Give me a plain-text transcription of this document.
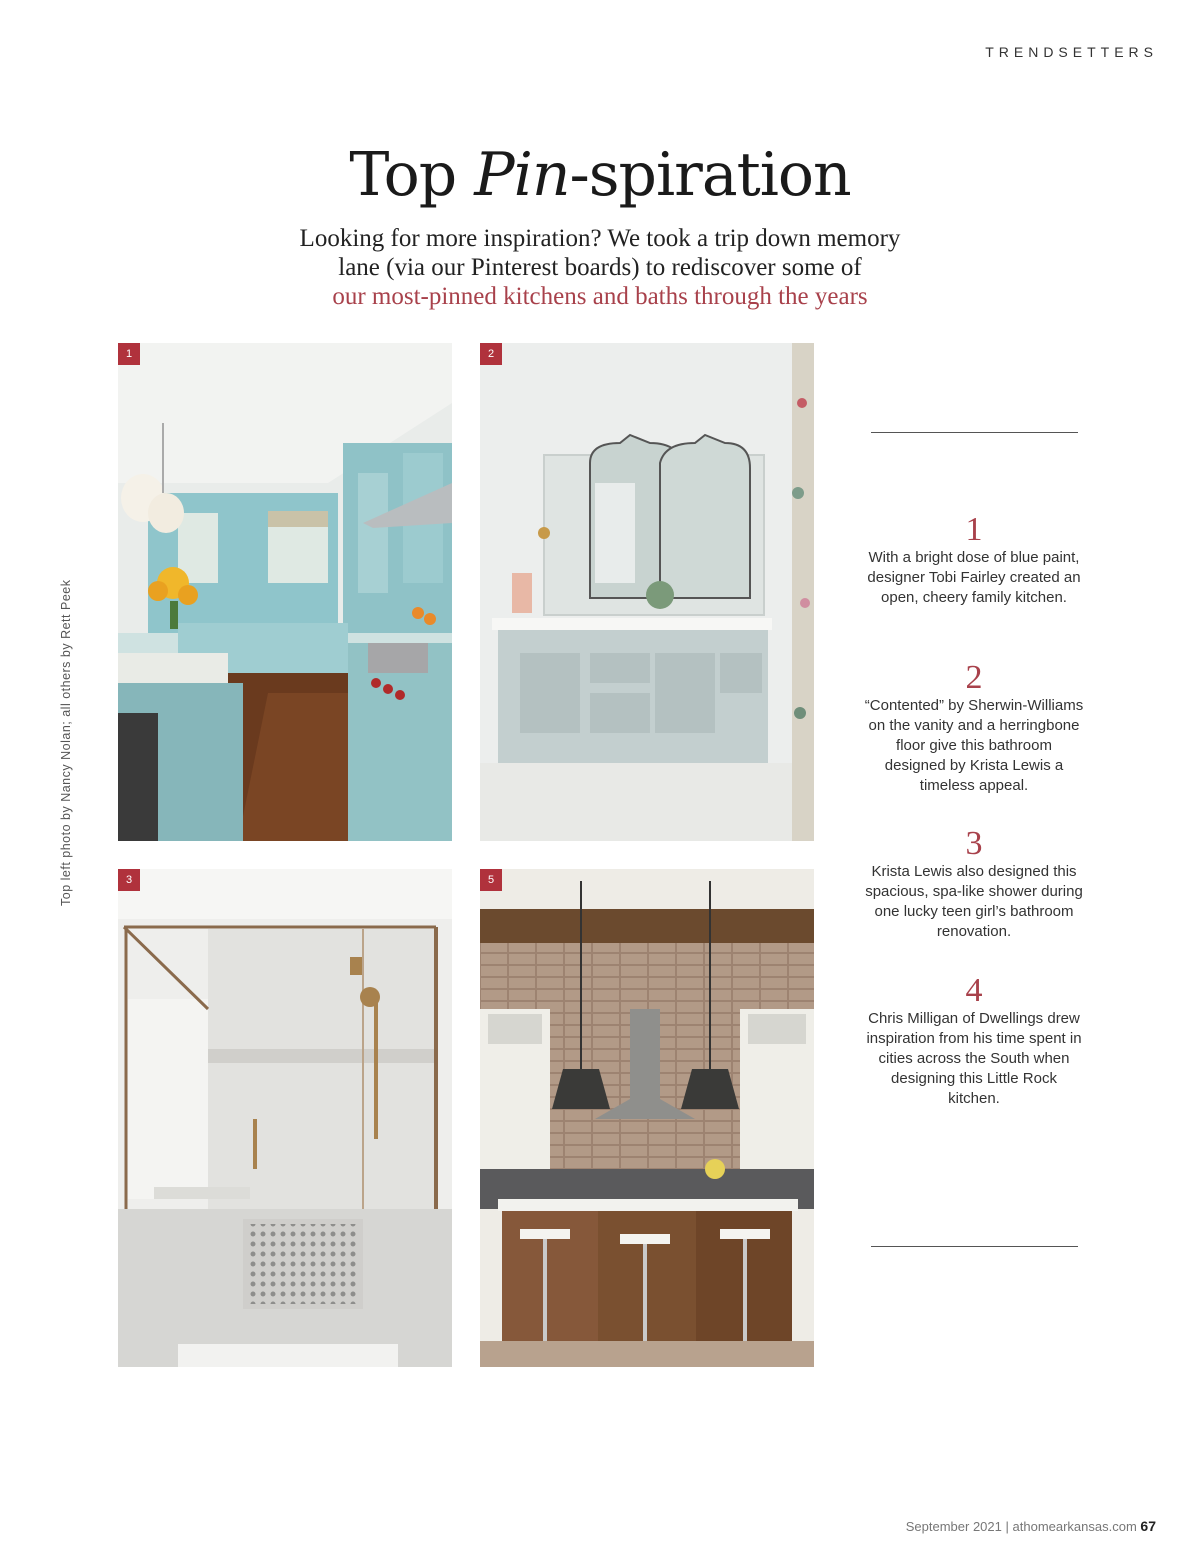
TRENDSETTERS
Top Pin-spiration
Looking for more inspiration? We took a trip down memory
lane (via our Pinterest boards) to rediscover some of
our most-pinned kitchens and baths through the years
Top left photo by Nancy Nolan; all others by Rett Peek
1	2
3	5
1
With a bright dose of blue paint, designer Tobi Fairley created an open, cheery family kitchen.
2
“Contented” by Sherwin-Williams on the vanity and a herringbone floor give this bathroom designed by Krista Lewis a timeless appeal.
3
Krista Lewis also designed this spacious, spa-like shower during one lucky teen girl’s bathroom renovation.
4
Chris Milligan of Dwellings drew inspiration from his time spent in cities across the South when designing this Little Rock kitchen.
September 2021 | athomearkansas.com 67
